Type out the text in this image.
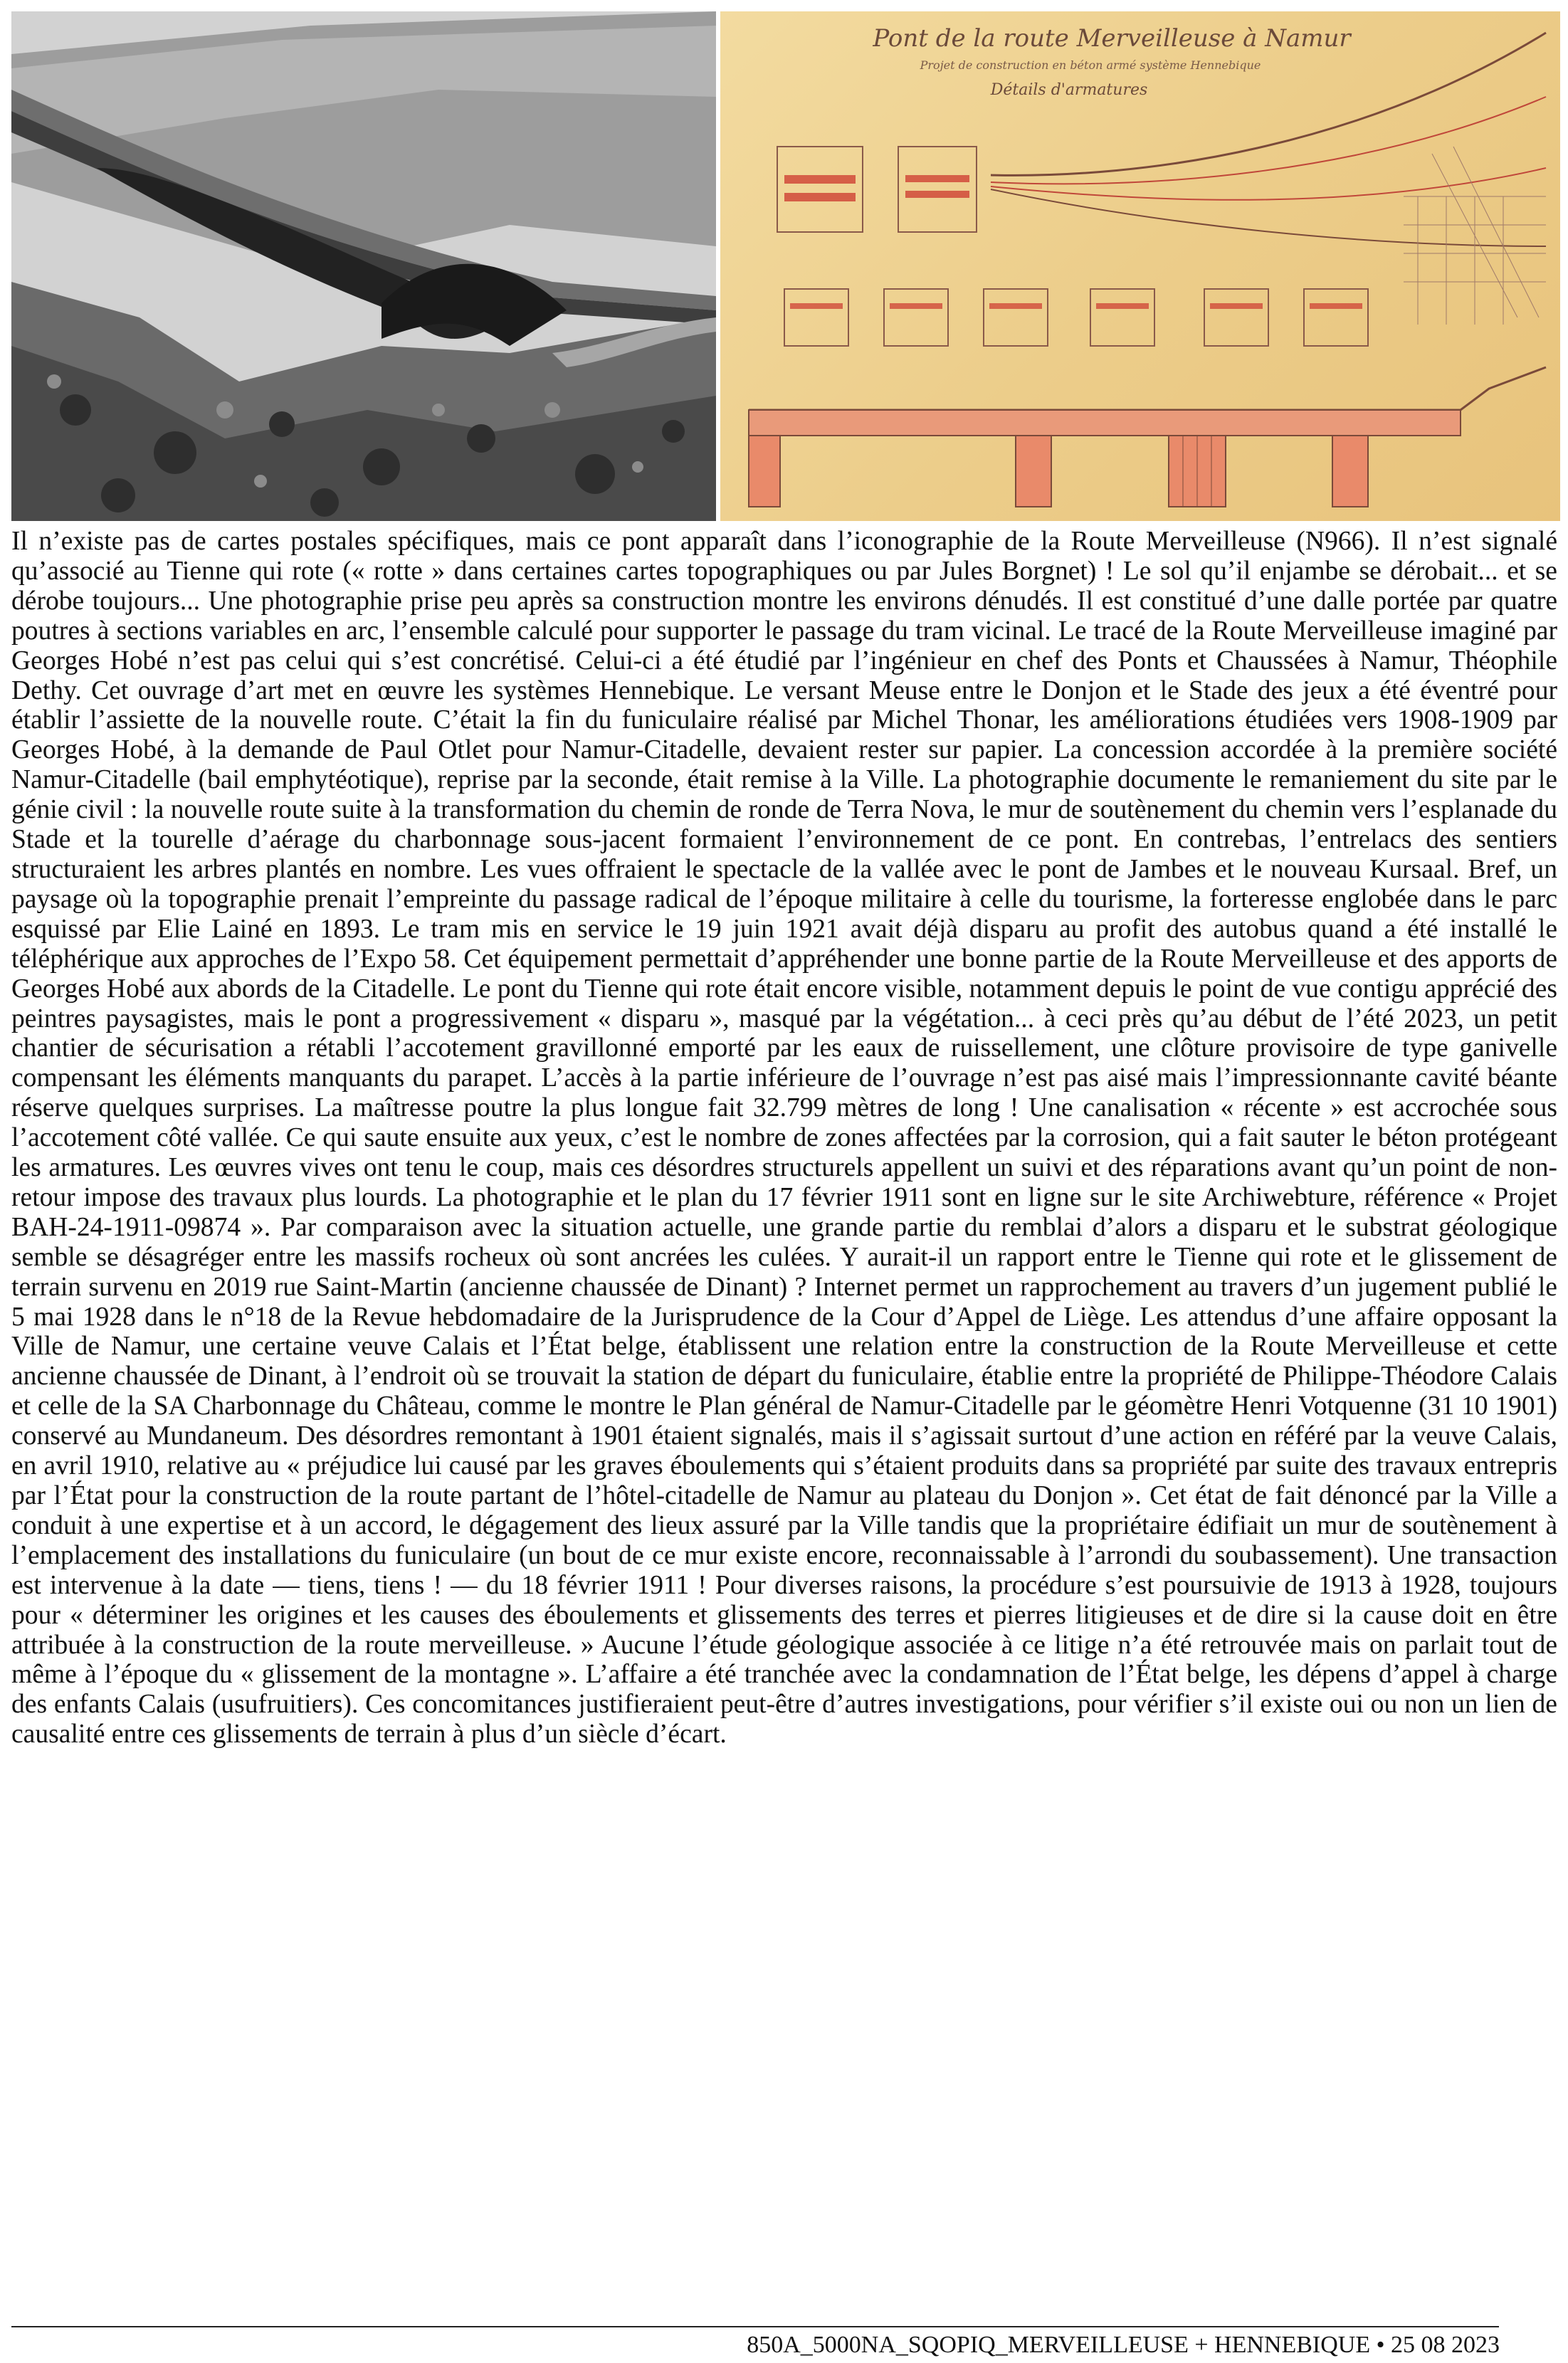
Pont de la route Merveilleuse à Namur
Projet de construction en béton armé système Hennebique
Détails d'armatures

Il n’existe pas de cartes postales spécifiques, mais ce pont apparaît dans l’iconographie de la Route Merveilleuse (N966). Il n’est signalé qu’associé au Tienne qui rote (« rotte » dans certaines cartes topographiques ou par Jules Borgnet) ! Le sol qu’il enjambe se dérobait... et se dérobe toujours... Une photographie prise peu après sa construction montre les environs dénudés. Il est constitué d’une dalle portée par quatre poutres à sections variables en arc, l’ensemble calculé pour supporter le passage du tram vicinal. Le tracé de la Route Merveilleuse imaginé par Georges Hobé n’est pas celui qui s’est concrétisé. Celui-ci a été étudié par l’ingénieur en chef des Ponts et Chaussées à Namur, Théophile Dethy. Cet ouvrage d’art met en œuvre les systèmes Hennebique. Le versant Meuse entre le Donjon et le Stade des jeux a été éventré pour établir l’assiette de la nouvelle route. C’était la fin du funiculaire réalisé par Michel Thonar, les améliorations étudiées vers 1908-1909 par Georges Hobé, à la demande de Paul Otlet pour Namur-Citadelle, devaient rester sur papier. La concession accordée à la première société Namur-Citadelle (bail emphytéotique), reprise par la seconde, était remise à la Ville. La photographie documente le remaniement du site par le génie civil : la nouvelle route suite à la transformation du chemin de ronde de Terra Nova, le mur de soutènement du chemin vers l’esplanade du Stade et la tourelle d’aérage du charbonnage sous-jacent formaient l’environnement de ce pont. En contrebas, l’entrelacs des sentiers structuraient les arbres plantés en nombre. Les vues offraient le spectacle de la vallée avec le pont de Jambes et le nouveau Kursaal. Bref, un paysage où la topographie prenait l’empreinte du passage radical de l’époque militaire à celle du tourisme, la forteresse englobée dans le parc esquissé par Elie Lainé en 1893. Le tram mis en service le 19 juin 1921 avait déjà disparu au profit des autobus quand a été installé le téléphérique aux approches de l’Expo 58. Cet équipement permettait d’appréhender une bonne partie de la Route Merveilleuse et des apports de Georges Hobé aux abords de la Citadelle. Le pont du Tienne qui rote était encore visible, notamment depuis le point de vue contigu apprécié des peintres paysagistes, mais le pont a progressivement « disparu », masqué par la végétation... à ceci près qu’au début de l’été 2023, un petit chantier de sécurisation a rétabli l’accotement gravillonné emporté par les eaux de ruissellement, une clôture provisoire de type ganivelle compensant les éléments manquants du parapet. L’accès à la partie inférieure de l’ouvrage n’est pas aisé mais l’impressionnante cavité béante réserve quelques surprises. La maîtresse poutre la plus longue fait 32.799 mètres de long ! Une canalisation « récente » est accrochée sous l’accotement côté vallée. Ce qui saute ensuite aux yeux, c’est le nombre de zones affectées par la corrosion, qui a fait sauter le béton protégeant les armatures. Les œuvres vives ont tenu le coup, mais ces désordres structurels appellent un suivi et des réparations avant qu’un point de non-retour impose des travaux plus lourds. La photographie et le plan du 17 février 1911 sont en ligne sur le site Archiwebture, référence « Projet BAH-24-1911-09874 ». Par comparaison avec la situation actuelle, une grande partie du remblai d’alors a disparu et le substrat géologique semble se désagréger entre les massifs rocheux où sont ancrées les culées. Y aurait-il un rapport entre le Tienne qui rote et le glissement de terrain survenu en 2019 rue Saint-Martin (ancienne chaussée de Dinant) ? Internet permet un rapprochement au travers d’un jugement publié le 5 mai 1928 dans le n°18 de la Revue hebdomadaire de la Jurisprudence de la Cour d’Appel de Liège. Les attendus d’une affaire opposant la Ville de Namur, une certaine veuve Calais et l’État belge, établissent une relation entre la construction de la Route Merveilleuse et cette ancienne chaussée de Dinant, à l’endroit où se trouvait la station de départ du funiculaire, établie entre la propriété de Philippe-Théodore Calais et celle de la SA Charbonnage du Château, comme le montre le Plan général de Namur-Citadelle par le géomètre Henri Votquenne (31 10 1901) conservé au Mundaneum. Des désordres remontant à 1901 étaient signalés, mais il s’agissait surtout d’une action en référé par la veuve Calais, en avril 1910, relative au « préjudice lui causé par les graves éboulements qui s’étaient produits dans sa propriété par suite des travaux entrepris par l’État pour la construction de la route partant de l’hôtel-citadelle de Namur au plateau du Donjon ». Cet état de fait dénoncé par la Ville a conduit à une expertise et à un accord, le dégagement des lieux assuré par la Ville tandis que la propriétaire édifiait un mur de soutènement à l’emplacement des installations du funiculaire (un bout de ce mur existe encore, reconnaissable à l’arrondi du soubassement). Une transaction est intervenue à la date — tiens, tiens ! — du 18 février 1911 ! Pour diverses raisons, la procédure s’est poursuivie de 1913 à 1928, toujours pour « déterminer les origines et les causes des éboulements et glissements des terres et pierres litigieuses et de dire si la cause doit en être attribuée à la construction de la route merveilleuse. » Aucune l’étude géologique associée à ce litige n’a été retrouvée mais on parlait tout de même à l’époque du « glissement de la montagne ». L’affaire a été tranchée avec la condamnation de l’État belge, les dépens d’appel à charge des enfants Calais (usufruitiers). Ces concomitances justifieraient peut-être d’autres investigations, pour vérifier s’il existe oui ou non un lien de causalité entre ces glissements de terrain à plus d’un siècle d’écart.

850A_5000NA_SQOPIQ_MERVEILLEUSE + HENNEBIQUE • 25 08 2023
